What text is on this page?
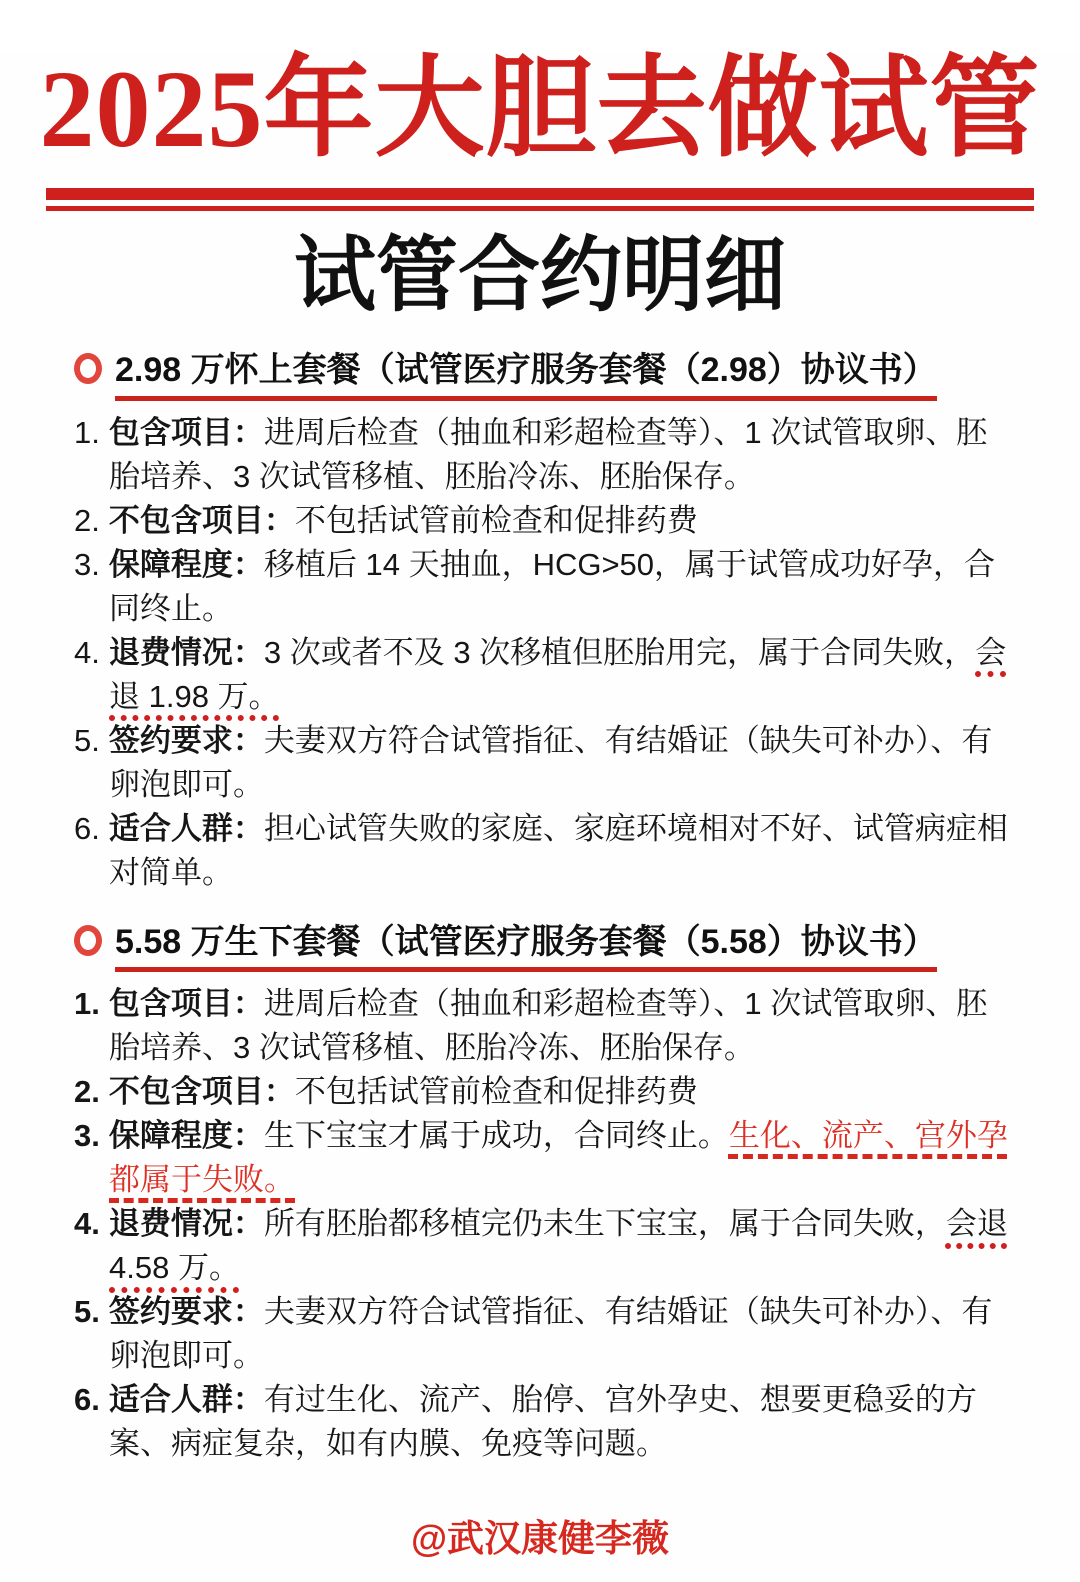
2025年大胆去做试管
试管合约明细
2.98 万怀上套餐（试管医疗服务套餐（2.98）协议书）

1. 包含项目：进周后检查（抽血和彩超检查等）、1 次试管取卵、胚胎培养、3 次试管移植、胚胎冷冻、胚胎保存。

2. 不包含项目：不包括试管前检查和促排药费

3. 保障程度：移植后 14 天抽血，HCG>50，属于试管成功好孕，合同终止。

4. 退费情况：3 次或者不及 3 次移植但胚胎用完，属于合同失败，会退 1.98 万。

5. 签约要求：夫妻双方符合试管指征、有结婚证（缺失可补办）、有卵泡即可。

6. 适合人群：担心试管失败的家庭、家庭环境相对不好、试管病症相对简单。

5.58 万生下套餐（试管医疗服务套餐（5.58）协议书）

1. 包含项目：进周后检查（抽血和彩超检查等）、1 次试管取卵、胚胎培养、3 次试管移植、胚胎冷冻、胚胎保存。

2. 不包含项目：不包括试管前检查和促排药费

3. 保障程度：生下宝宝才属于成功，合同终止。生化、流产、宫外孕都属于失败。

4. 退费情况：所有胚胎都移植完仍未生下宝宝，属于合同失败，会退 4.58 万。

5. 签约要求：夫妻双方符合试管指征、有结婚证（缺失可补办）、有卵泡即可。

6. 适合人群：有过生化、流产、胎停、宫外孕史、想要更稳妥的方案、病症复杂，如有内膜、免疫等问题。

@武汉康健李薇
